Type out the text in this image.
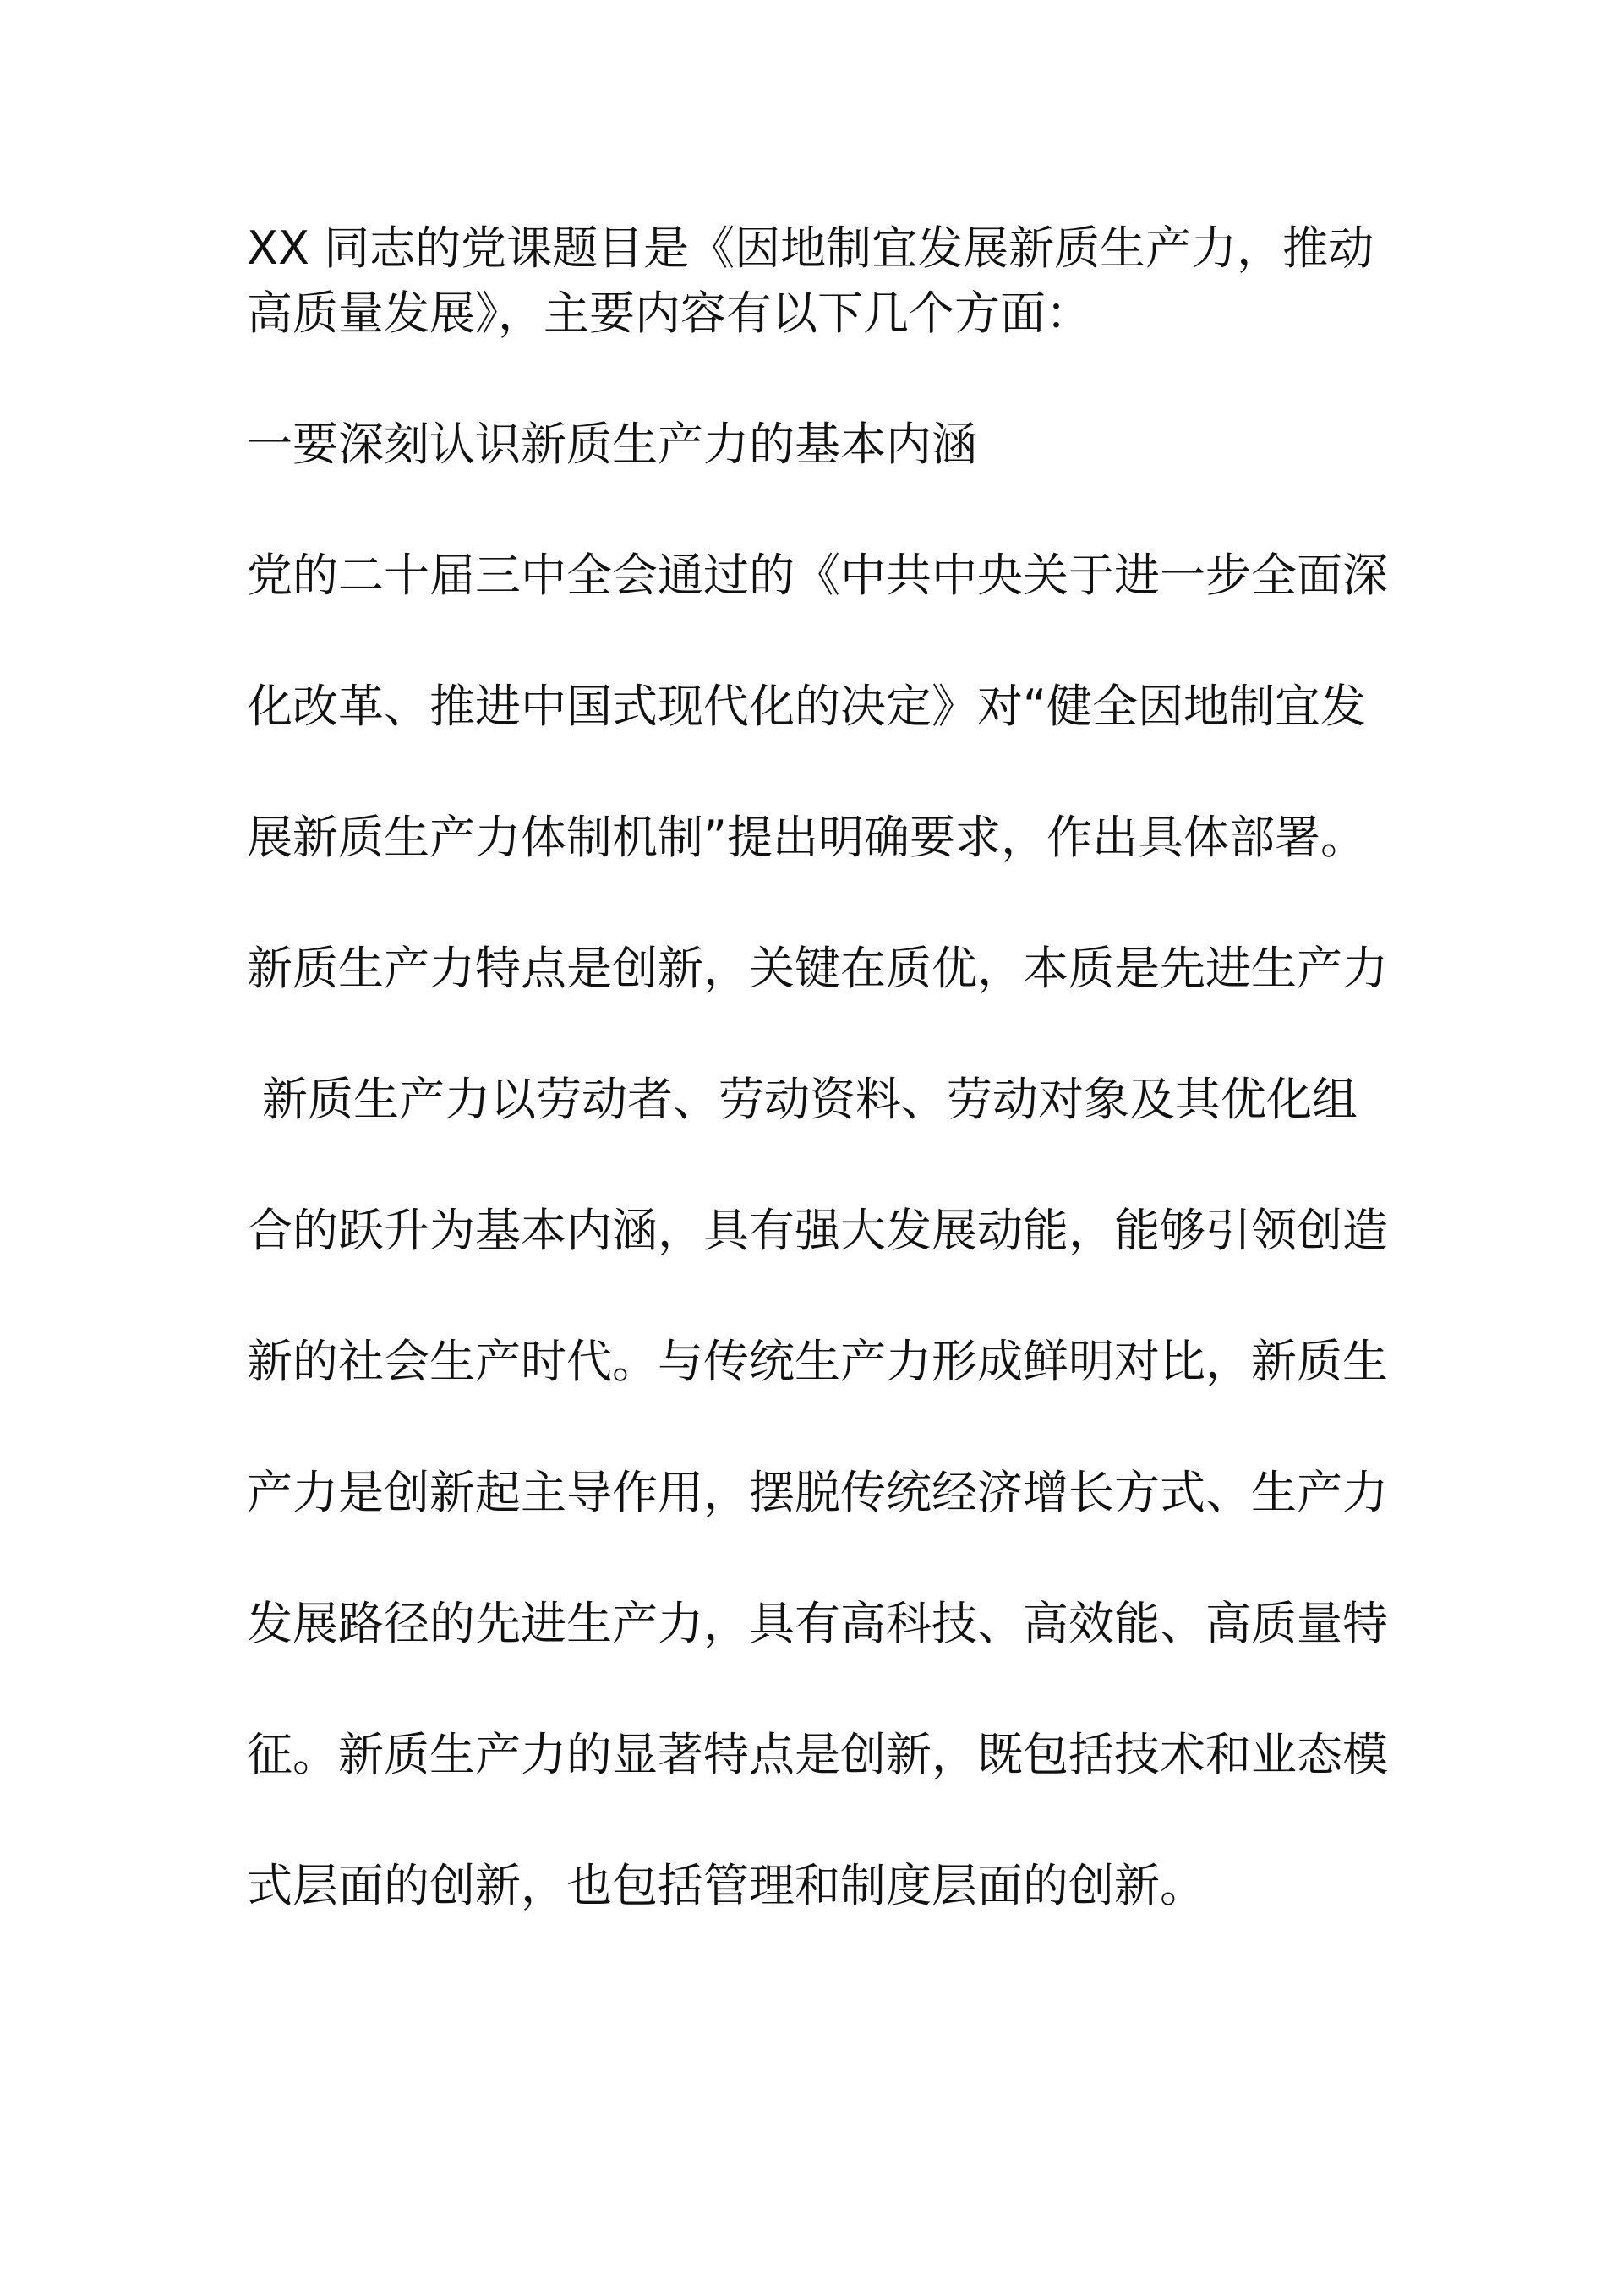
XX 同志的党课题目是《因地制宜发展新质生产力，推动
高质量发展》，主要内容有以下几个方面：
一要深刻认识新质生产力的基本内涵
党的二十届三中全会通过的《中共中央关于进一步全面深
化改革、推进中国式现代化的决定》对“健全因地制宜发
展新质生产力体制机制”提出明确要求，作出具体部署。
新质生产力特点是创新，关键在质优，本质是先进生产力
新质生产力以劳动者、劳动资料、劳动对象及其优化组
合的跃升为基本内涵，具有强大发展动能，能够引领创造
新的社会生产时代。与传统生产力形成鲜明对比，新质生
产力是创新起主导作用，摆脱传统经济增长方式、生产力
发展路径的先进生产力，具有高科技、高效能、高质量特
征。新质生产力的显著特点是创新，既包括技术和业态模
式层面的创新，也包括管理和制度层面的创新。
